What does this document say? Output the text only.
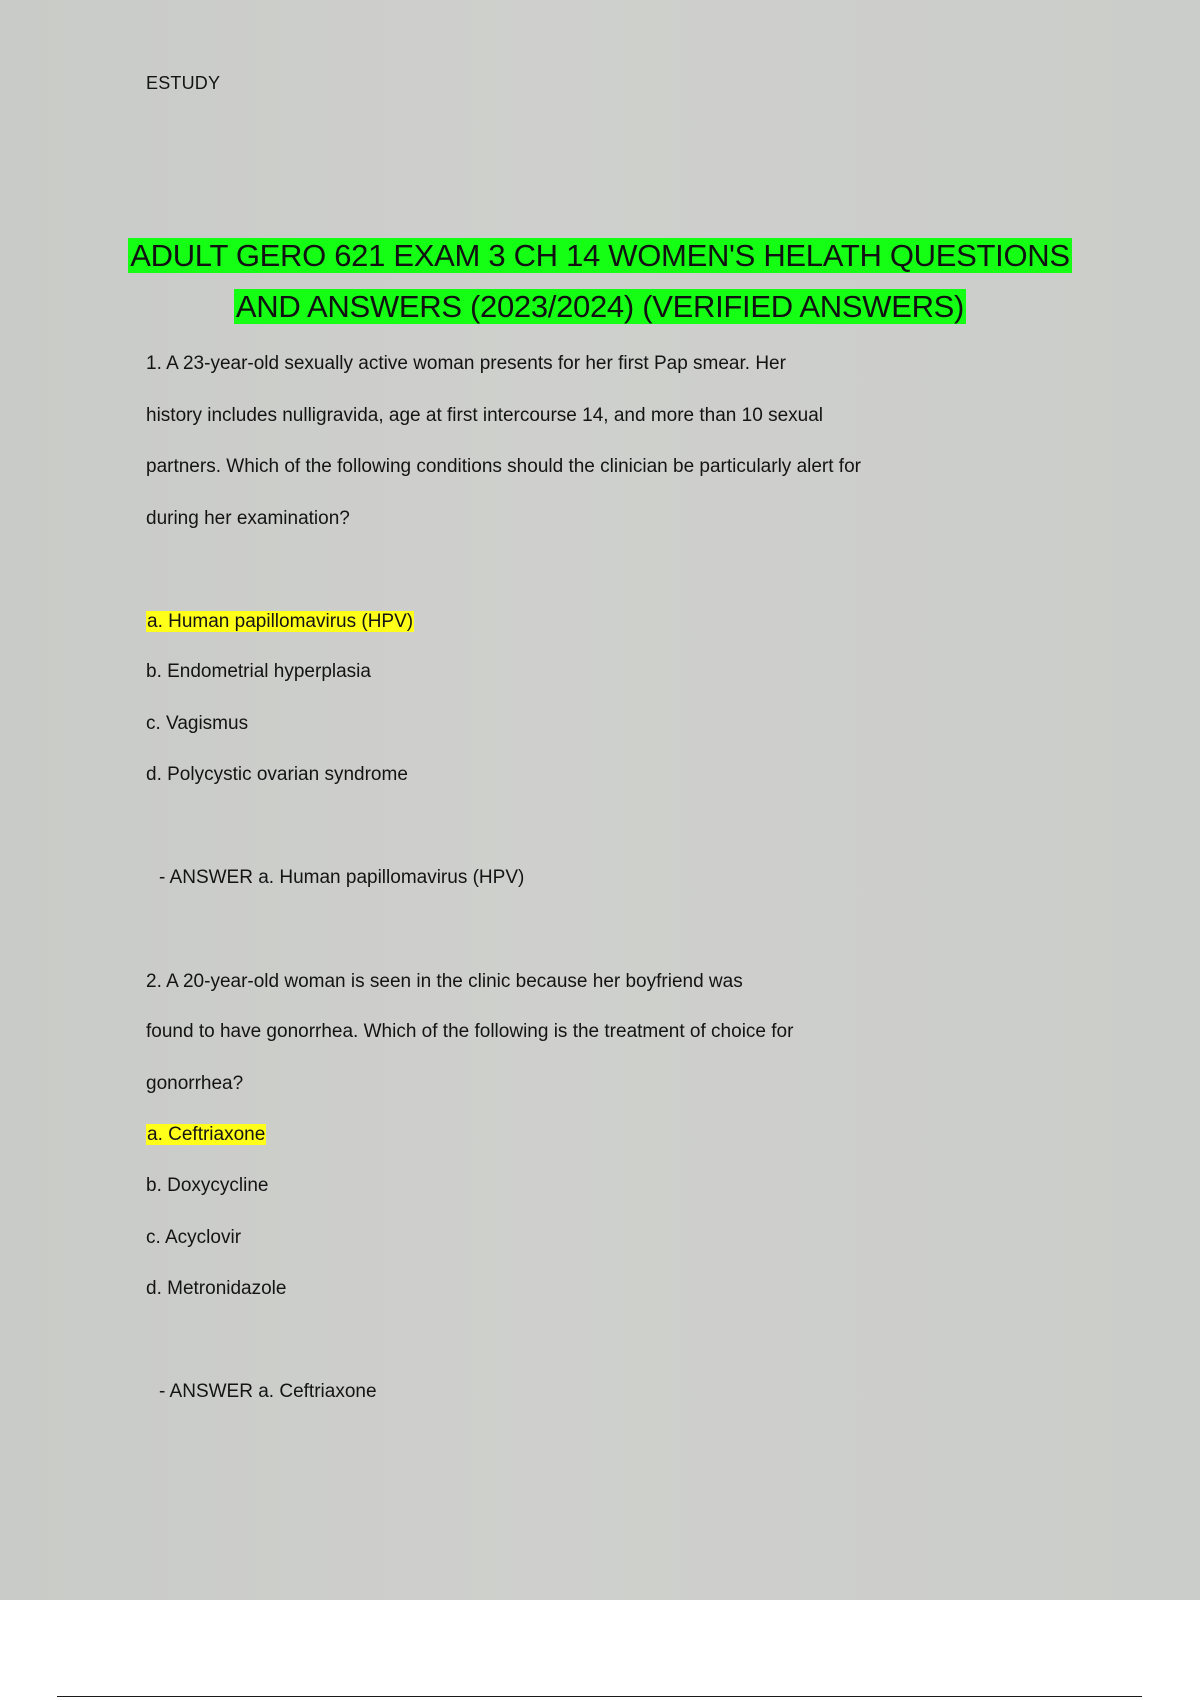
ESTUDY
ADULT GERO 621 EXAM 3 CH 14 WOMEN'S HELATH QUESTIONS
AND ANSWERS (2023/2024) (VERIFIED ANSWERS)
1. A 23-year-old sexually active woman presents for her first Pap smear. Her
history includes nulligravida, age at first intercourse 14, and more than 10 sexual
partners. Which of the following conditions should the clinician be particularly alert for
during her examination?
a. Human papillomavirus (HPV)
b. Endometrial hyperplasia
c. Vagismus
d. Polycystic ovarian syndrome
- ANSWER a. Human papillomavirus (HPV)
2. A 20-year-old woman is seen in the clinic because her boyfriend was
found to have gonorrhea. Which of the following is the treatment of choice for
gonorrhea?
a. Ceftriaxone
b. Doxycycline
c. Acyclovir
d. Metronidazole
- ANSWER a. Ceftriaxone
